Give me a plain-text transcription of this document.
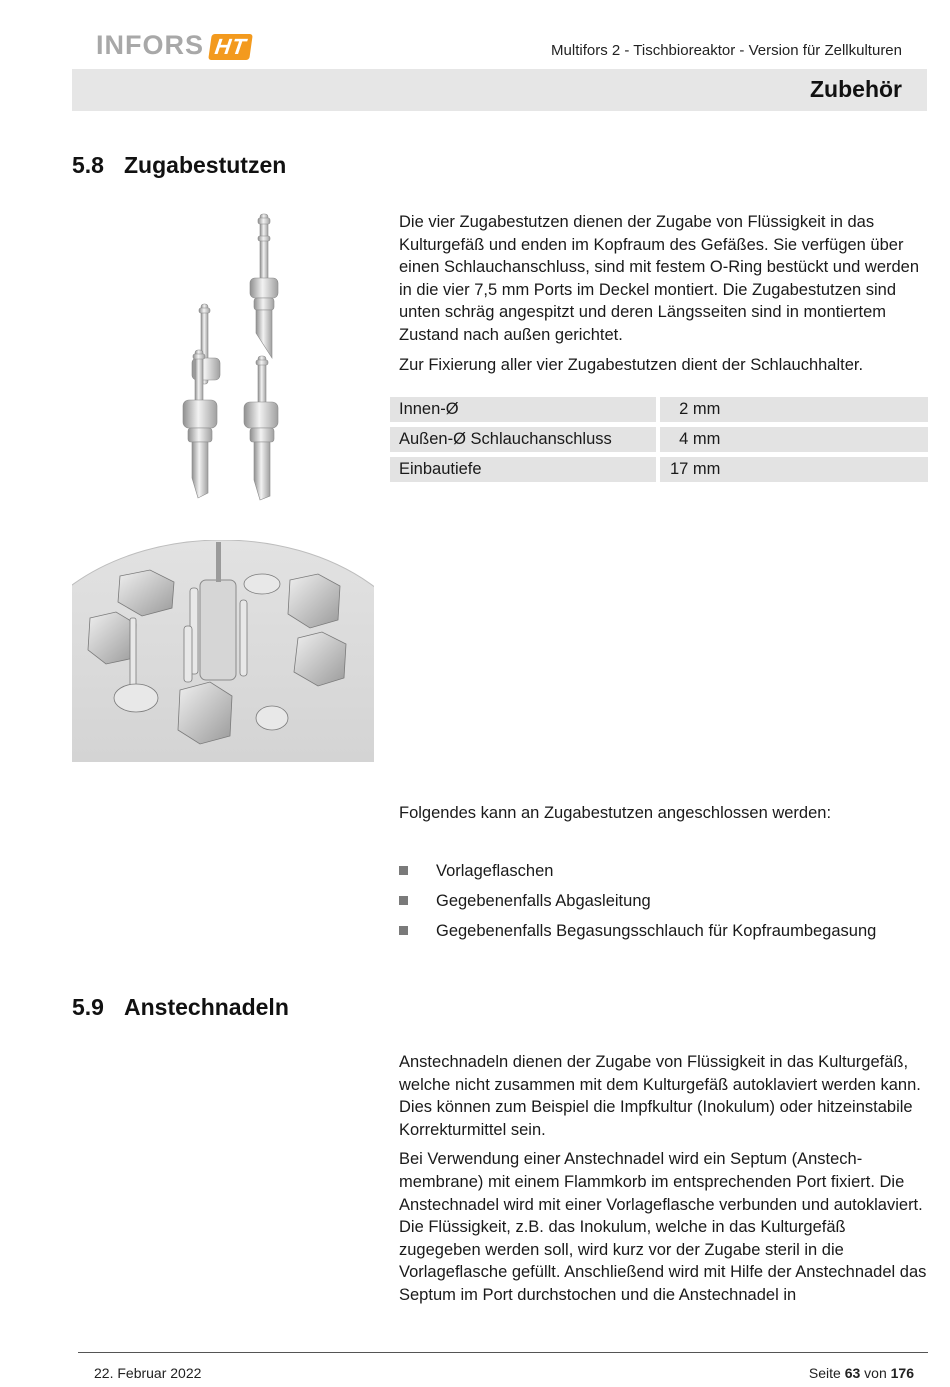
INFORS HT	Multifors 2 - Tischbioreaktor - Version für Zellkulturen
Zubehör
5.8 Zugabestutzen

Die vier Zugabestutzen dienen der Zugabe von Flüssigkeit in das Kulturgefäß und enden im Kopfraum des Gefäßes. Sie verfügen über einen Schlauchanschluss, sind mit festem O-Ring bestückt und werden in die vier 7,5 mm Ports im Deckel montiert. Die Zugabestutzen sind unten schräg angespitzt und deren Längsseiten sind in montiertem Zustand nach außen gerichtet.

Zur Fixierung aller vier Zugabestutzen dient der Schlauchhalter.

Innen-Ø	2 mm
Außen-Ø Schlauchanschluss	4 mm
Einbautiefe	17 mm
Folgendes kann an Zugabestutzen angeschlossen werden:
Vorlageflaschen
Gegebenenfalls Abgasleitung
Gegebenenfalls Begasungsschlauch für Kopfraumbegasung
5.9 Anstechnadeln

Anstechnadeln dienen der Zugabe von Flüssigkeit in das Kulturgefäß, welche nicht zusammen mit dem Kulturgefäß autoklaviert werden kann. Dies können zum Beispiel die Impfkultur (Inokulum) oder hitzeinstabile Korrekturmittel sein.

Bei Verwendung einer Anstechnadel wird ein Septum (Anstechmembrane) mit einem Flammkorb im entsprechenden Port fixiert. Die Anstechnadel wird mit einer Vorlageflasche verbunden und autoklaviert. Die Flüssigkeit, z.B. das Inokulum, welche in das Kulturgefäß zugegeben werden soll, wird kurz vor der Zugabe steril in die Vorlageflasche gefüllt. Anschließend wird mit Hilfe der Anstechnadel das Septum im Port durchstochen und die Anstechnadel in

22. Februar 2022	Seite 63 von 176
